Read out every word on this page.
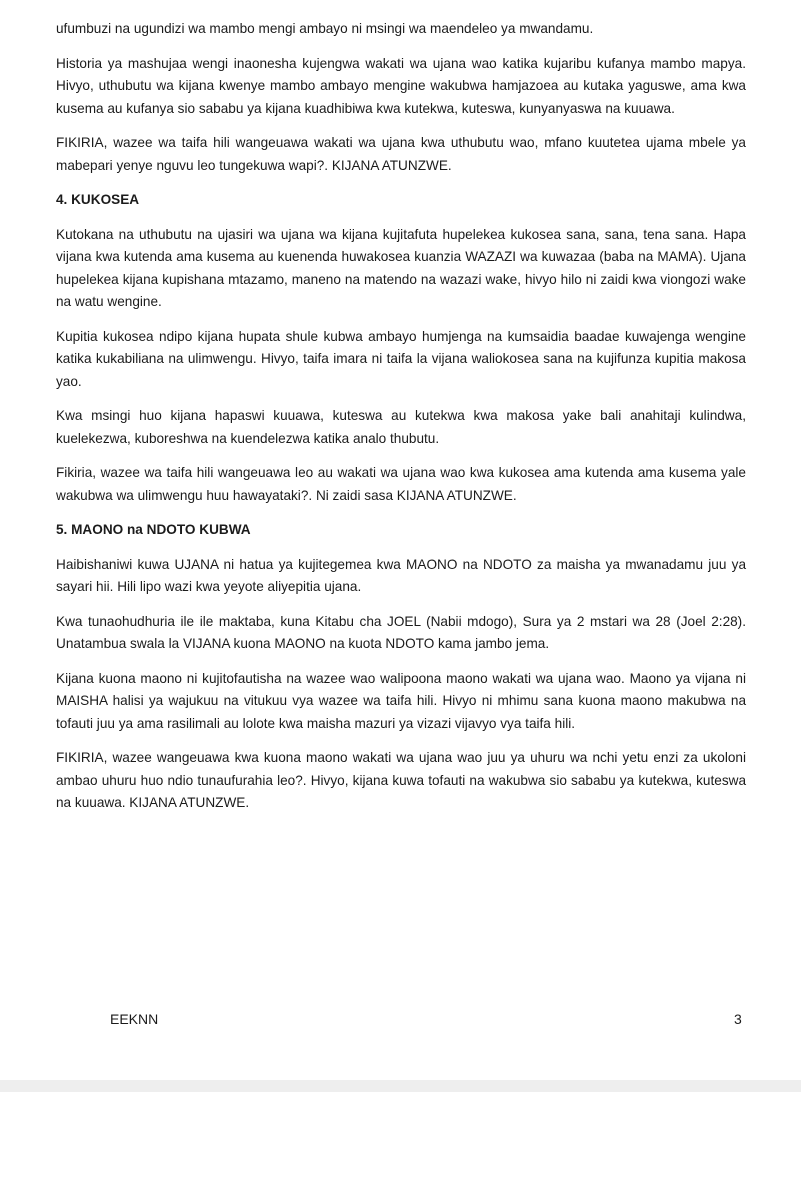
ufumbuzi na ugundizi wa mambo mengi ambayo ni msingi wa maendeleo ya mwandamu.

Historia ya mashujaa wengi inaonesha kujengwa wakati wa ujana wao katika kujaribu kufanya mambo mapya. Hivyo, uthubutu wa kijana kwenye mambo ambayo mengine wakubwa hamjazoea au kutaka yaguswe, ama kwa kusema au kufanya sio sababu ya kijana kuadhibiwa kwa kutekwa, kuteswa, kunyanyaswa na kuuawa.

FIKIRIA, wazee wa taifa hili wangeuawa wakati wa ujana kwa uthubutu wao, mfano kuutetea ujama mbele ya mabepari yenye nguvu leo tungekuwa wapi?. KIJANA ATUNZWE.

4. KUKOSEA

Kutokana na uthubutu na ujasiri wa ujana wa kijana kujitafuta hupelekea kukosea sana, sana, tena sana. Hapa vijana kwa kutenda ama kusema au kuenenda huwakosea kuanzia WAZAZI wa kuwazaa (baba na MAMA). Ujana hupelekea kijana kupishana mtazamo, maneno na matendo na wazazi wake, hivyo hilo ni zaidi kwa viongozi wake na watu wengine.

Kupitia kukosea ndipo kijana hupata shule kubwa ambayo humjenga na kumsaidia baadae kuwajenga wengine katika kukabiliana na ulimwengu. Hivyo, taifa imara ni taifa la vijana waliokosea sana na kujifunza kupitia makosa yao.

Kwa msingi huo kijana hapaswi kuuawa, kuteswa au kutekwa kwa makosa yake bali anahitaji kulindwa, kuelekezwa, kuboreshwa na kuendelezwa katika analo thubutu.

Fikiria, wazee wa taifa hili wangeuawa leo au wakati wa ujana wao kwa kukosea ama kutenda ama kusema yale wakubwa wa ulimwengu huu hawayataki?. Ni zaidi sasa KIJANA ATUNZWE.

5. MAONO na NDOTO KUBWA

Haibishaniwi kuwa UJANA ni hatua ya kujitegemea kwa MAONO na NDOTO za maisha ya mwanadamu juu ya sayari hii. Hili lipo wazi kwa yeyote aliyepitia ujana.

Kwa tunaohudhuria ile ile maktaba, kuna Kitabu cha JOEL (Nabii mdogo), Sura ya 2 mstari wa 28 (Joel 2:28). Unatambua swala la VIJANA kuona MAONO na kuota NDOTO kama jambo jema.

Kijana kuona maono ni kujitofautisha na wazee wao walipoona maono wakati wa ujana wao. Maono ya vijana ni MAISHA halisi ya wajukuu na vitukuu vya wazee wa taifa hili. Hivyo ni mhimu sana kuona maono makubwa na tofauti juu ya ama rasilimali au lolote kwa maisha mazuri ya vizazi vijavyo vya taifa hili.

FIKIRIA, wazee wangeuawa kwa kuona maono wakati wa ujana wao juu ya uhuru wa nchi yetu enzi za ukoloni ambao uhuru huo ndio tunaufurahia leo?. Hivyo, kijana kuwa tofauti na wakubwa sio sababu ya kutekwa, kuteswa na kuuawa. KIJANA ATUNZWE.

EEKNN	3
